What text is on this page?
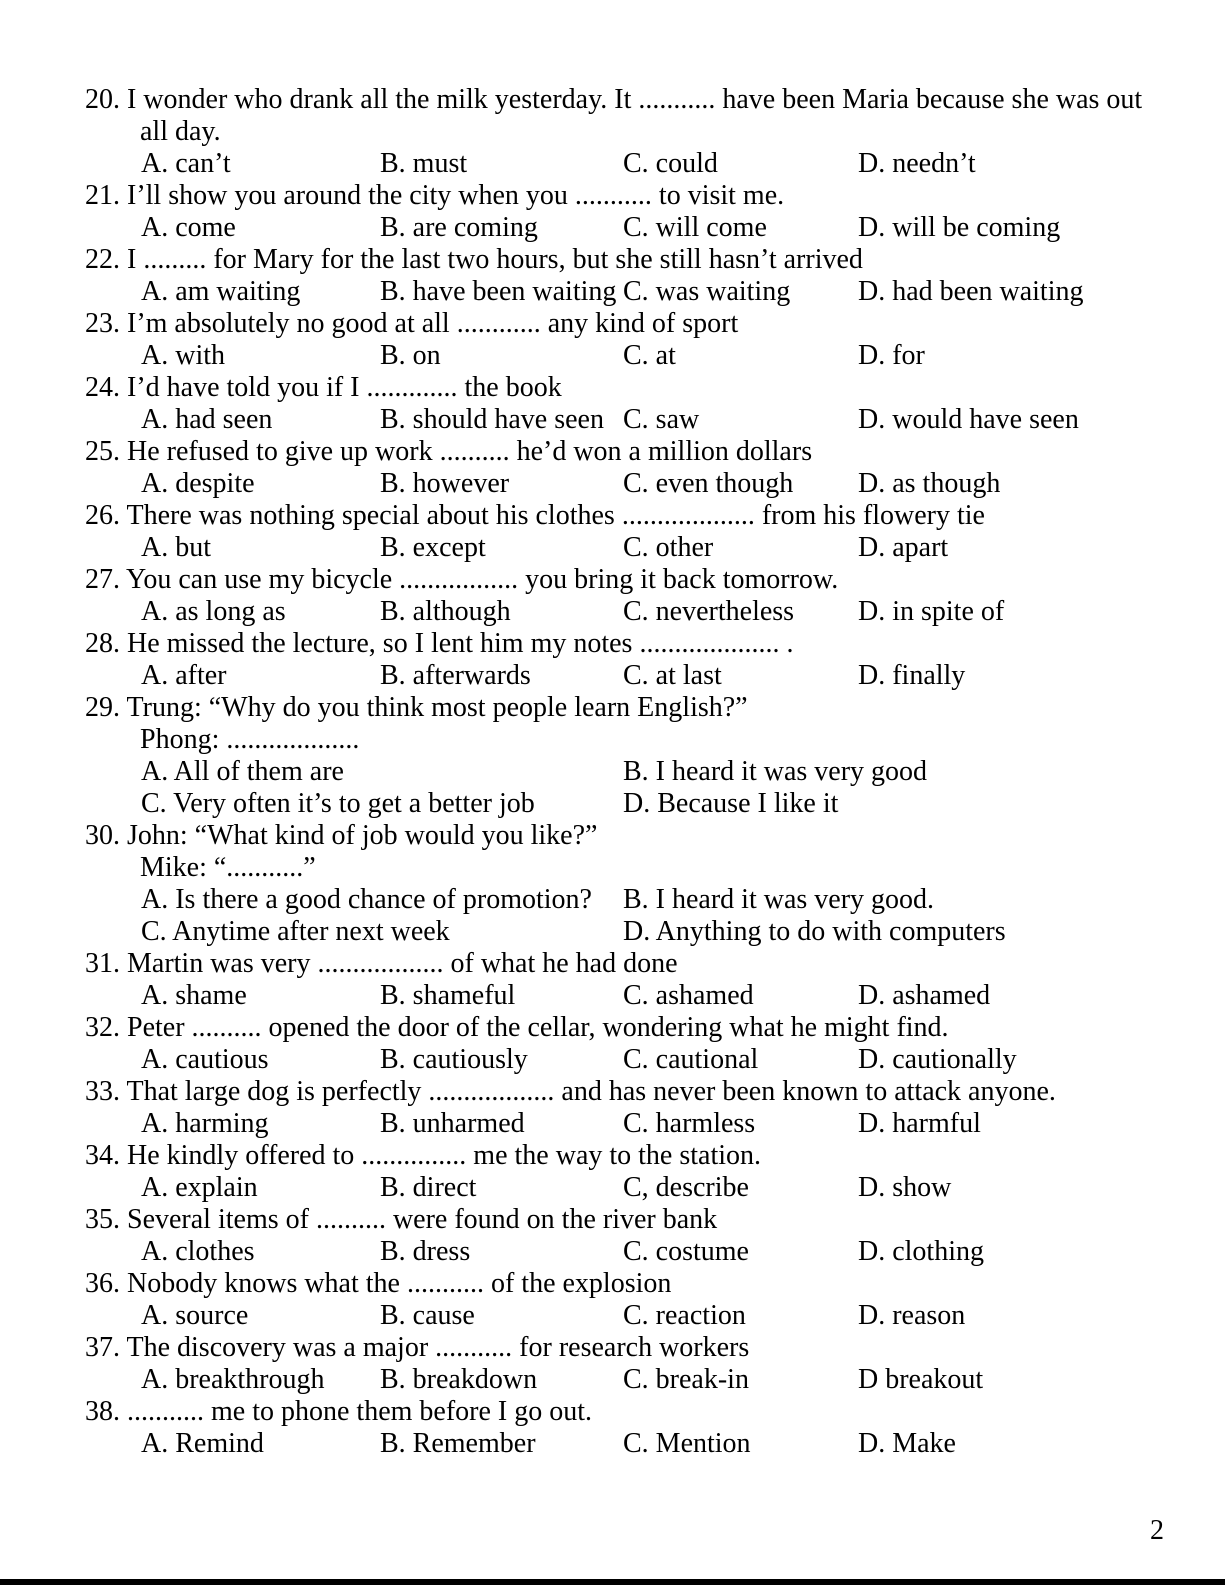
20. I wonder who drank all the milk yesterday. It ........... have been Maria because she was out
all day.
A. can’t	B. must	C. could	D. needn’t
21. I’ll show you around the city when you ........... to visit me.
A. come	B. are coming	C. will come	D. will be coming
22. I ......... for Mary for the last two hours, but she still hasn’t arrived
A. am waiting	B. have been waiting C. was waiting D. had been waiting
23. I’m absolutely no good at all ............ any kind of sport
A. with	B. on	C. at	D. for
24. I’d have told you if I ............. the book
A. had seen	B. should have seen C. saw	D. would have seen
25. He refused to give up work .......... he’d won a million dollars
A. despite	B. however	C. even though D. as though
26. There was nothing special about his clothes ................... from his flowery tie
A. but	B. except	C. other	D. apart
27. You can use my bicycle ................. you bring it back tomorrow.
A. as long as	B. although	C. nevertheless D. in spite of
28. He missed the lecture, so I lent him my notes .................... .
A. after	B. afterwards	C. at last	D. finally
29. Trung: “Why do you think most people learn English?”
Phong: ...................
A. All of them are	B. I heard it was very good
C. Very often it’s to get a better job	D. Because I like it
30. John: “What kind of job would you like?”
Mike: “...........”
A. Is there a good chance of promotion? B. I heard it was very good.
C. Anytime after next week	D. Anything to do with computers
31. Martin was very .................. of what he had done
A. shame	B. shameful	C. ashamed	D. ashamed
32. Peter .......... opened the door of the cellar, wondering what he might find.
A. cautious	B. cautiously	C. cautional	D. cautionally
33. That large dog is perfectly .................. and has never been known to attack anyone.
A. harming	B. unharmed	C. harmless	D. harmful
34. He kindly offered to ............... me the way to the station.
A. explain	B. direct	C, describe	D. show
35. Several items of .......... were found on the river bank
A. clothes	B. dress	C. costume	D. clothing
36. Nobody knows what the ........... of the explosion
A. source	B. cause	C. reaction	D. reason
37. The discovery was a major ........... for research workers
A. breakthrough B. breakdown	C. break-in	D breakout
38. ........... me to phone them before I go out.
A. Remind	B. Remember	C. Mention	D. Make
2
